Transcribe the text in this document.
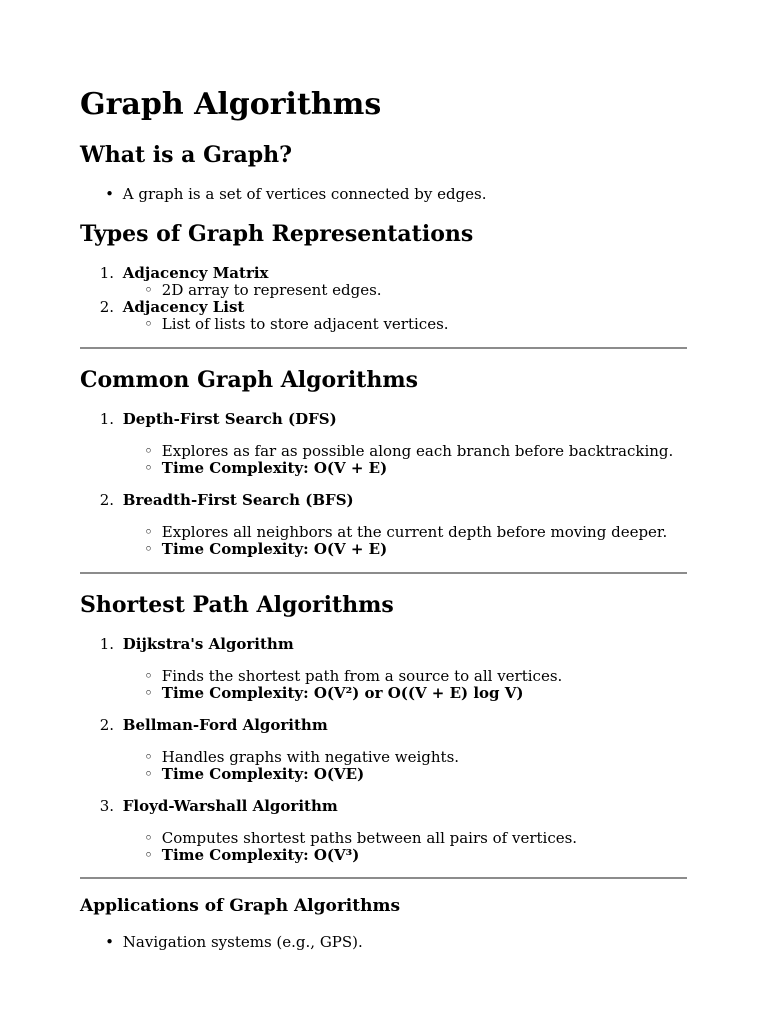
Graph Algorithms
What is a Graph?
• A graph is a set of vertices connected by edges.
Types of Graph Representations
1. Adjacency Matrix
◦ 2D array to represent edges.
2. Adjacency List
◦ List of lists to store adjacent vertices.
Common Graph Algorithms
1. Depth-First Search (DFS)
◦ Explores as far as possible along each branch before backtracking.
◦ Time Complexity: O(V + E)
2. Breadth-First Search (BFS)
◦ Explores all neighbors at the current depth before moving deeper.
◦ Time Complexity: O(V + E)
Shortest Path Algorithms
1. Dijkstra's Algorithm
◦ Finds the shortest path from a source to all vertices.
◦ Time Complexity: O(V²) or O((V + E) log V)
2. Bellman-Ford Algorithm
◦ Handles graphs with negative weights.
◦ Time Complexity: O(VE)
3. Floyd-Warshall Algorithm
◦ Computes shortest paths between all pairs of vertices.
◦ Time Complexity: O(V³)
Applications of Graph Algorithms
• Navigation systems (e.g., GPS).
